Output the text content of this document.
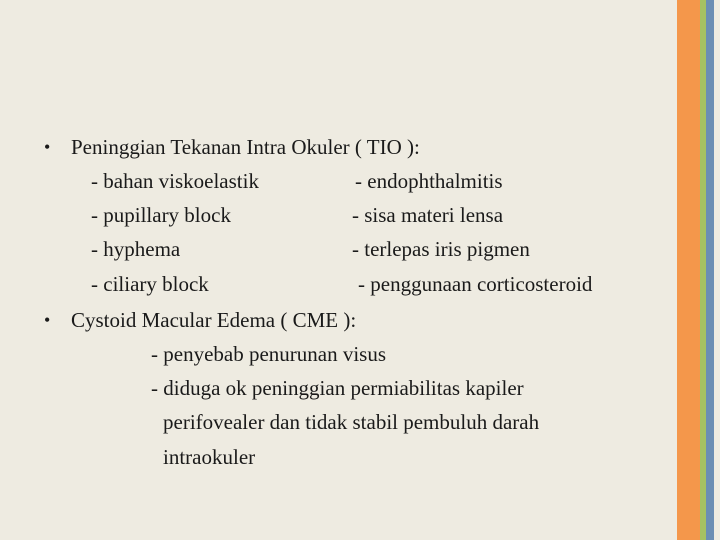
• Peninggian Tekanan Intra Okuler ( TIO ):
- bahan viskoelastik	- endophthalmitis
- pupillary block	- sisa materi lensa
- hyphema	- terlepas iris pigmen
- ciliary block	- penggunaan corticosteroid
• Cystoid Macular Edema ( CME ):
- penyebab penurunan visus
- diduga ok peninggian permiabilitas kapiler
perifovealer dan tidak stabil pembuluh darah
intraokuler
